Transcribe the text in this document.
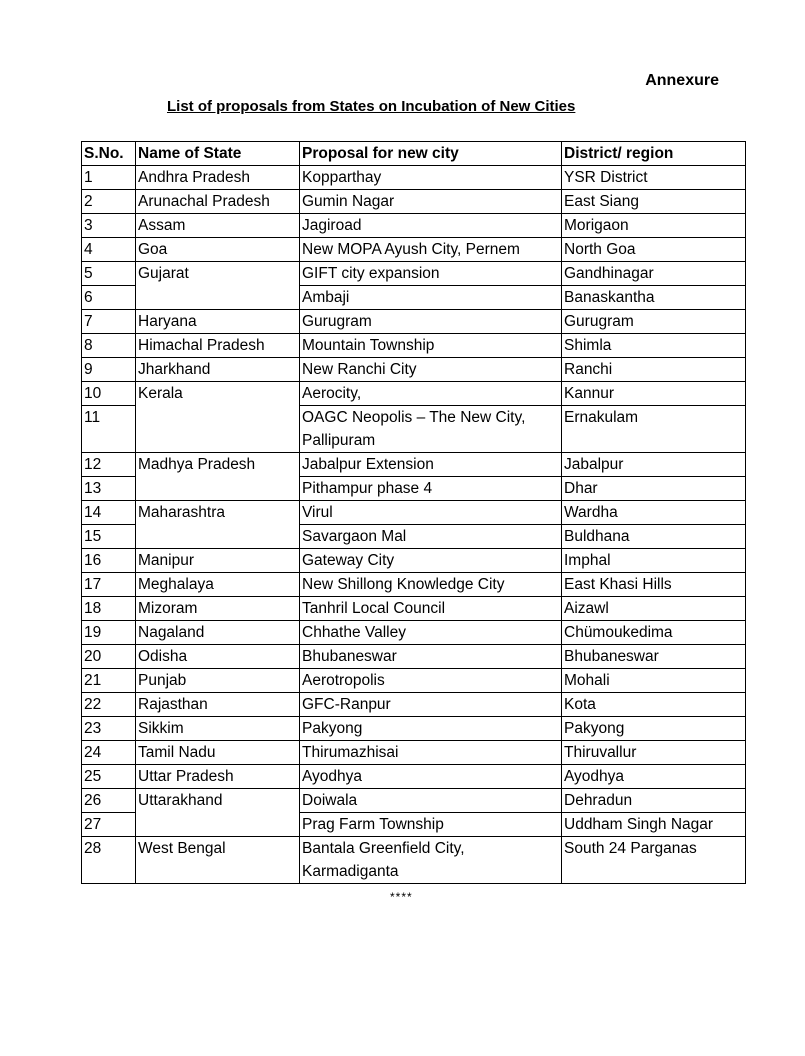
Annexure
List of proposals from States on Incubation of New Cities
S.No.	Name of State	Proposal for new city	District/ region
1	Andhra Pradesh	Kopparthay	YSR District
2	Arunachal Pradesh	Gumin Nagar	East Siang
3	Assam	Jagiroad	Morigaon
4	Goa	New MOPA Ayush City, Pernem	North Goa
5	Gujarat	GIFT city expansion	Gandhinagar
6		Ambaji	Banaskantha
7	Haryana	Gurugram	Gurugram
8	Himachal Pradesh	Mountain Township	Shimla
9	Jharkhand	New Ranchi City	Ranchi
10	Kerala	Aerocity,	Kannur
11		OAGC Neopolis – The New City, Pallipuram	Ernakulam
12	Madhya Pradesh	Jabalpur Extension	Jabalpur
13		Pithampur phase 4	Dhar
14	Maharashtra	Virul	Wardha
15		Savargaon Mal	Buldhana
16	Manipur	Gateway City	Imphal
17	Meghalaya	New Shillong Knowledge City	East Khasi Hills
18	Mizoram	Tanhril Local Council	Aizawl
19	Nagaland	Chhathe Valley	Chümoukedima
20	Odisha	Bhubaneswar	Bhubaneswar
21	Punjab	Aerotropolis	Mohali
22	Rajasthan	GFC-Ranpur	Kota
23	Sikkim	Pakyong	Pakyong
24	Tamil Nadu	Thirumazhisai	Thiruvallur
25	Uttar Pradesh	Ayodhya	Ayodhya
26	Uttarakhand	Doiwala	Dehradun
27		Prag Farm Township	Uddham Singh Nagar
28	West Bengal	Bantala Greenfield City, Karmadiganta	South 24 Parganas
****
